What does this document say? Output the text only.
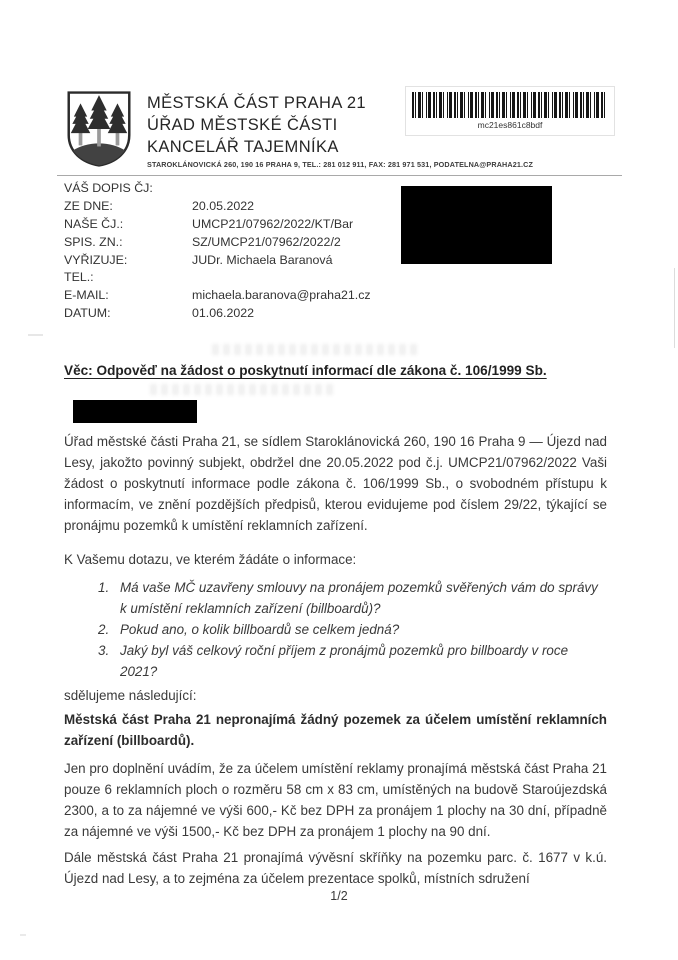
MĚSTSKÁ ČÁST PRAHA 21
ÚŘAD MĚSTSKÉ ČÁSTI
KANCELÁŘ TAJEMNÍKA
STAROKLÁNOVICKÁ 260, 190 16 PRAHA 9, TEL.: 281 012 911, FAX: 281 971 531, PODATELNA@PRAHA21.CZ
mc21es861c8bdf
VÁŠ DOPIS ČJ:
ZE DNE:	20.05.2022
NAŠE ČJ.:	UMCP21/07962/2022/KT/Bar
SPIS. ZN.:	SZ/UMCP21/07962/2022/2
VYŘIZUJE:	JUDr. Michaela Baranová
TEL.:
E-MAIL:	michaela.baranova@praha21.cz
DATUM:	01.06.2022
Věc: Odpověď na žádost o poskytnutí informací dle zákona č. 106/1999 Sb.

Úřad městské části Praha 21, se sídlem Staroklánovická 260, 190 16 Praha 9 — Újezd nad Lesy, jakožto povinný subjekt, obdržel dne 20.05.2022 pod č.j. UMCP21/07962/2022 Vaši žádost o poskytnutí informace podle zákona č. 106/1999 Sb., o svobodném přístupu k informacím, ve znění pozdějších předpisů, kterou evidujeme pod číslem 29/22, týkající se pronájmu pozemků k umístění reklamních zařízení.

K Vašemu dotazu, ve kterém žádáte o informace:

1. Má vaše MČ uzavřeny smlouvy na pronájem pozemků svěřených vám do správy k umístění reklamních zařízení (billboardů)?
2. Pokud ano, o kolik billboardů se celkem jedná?
3. Jaký byl váš celkový roční příjem z pronájmů pozemků pro billboardy v roce 2021?

sdělujeme následující:

Městská část Praha 21 nepronajímá žádný pozemek za účelem umístění reklamních zařízení (billboardů).

Jen pro doplnění uvádím, že za účelem umístění reklamy pronajímá městská část Praha 21 pouze 6 reklamních ploch o rozměru 58 cm x 83 cm, umístěných na budově Staroújezdská 2300, a to za nájemné ve výši 600,- Kč bez DPH za pronájem 1 plochy na 30 dní, případně za nájemné ve výši 1500,- Kč bez DPH za pronájem 1 plochy na 90 dní.

Dále městská část Praha 21 pronajímá vývěsní skříňky na pozemku parc. č. 1677 v k.ú. Újezd nad Lesy, a to zejména za účelem prezentace spolků, místních sdružení

1/2
